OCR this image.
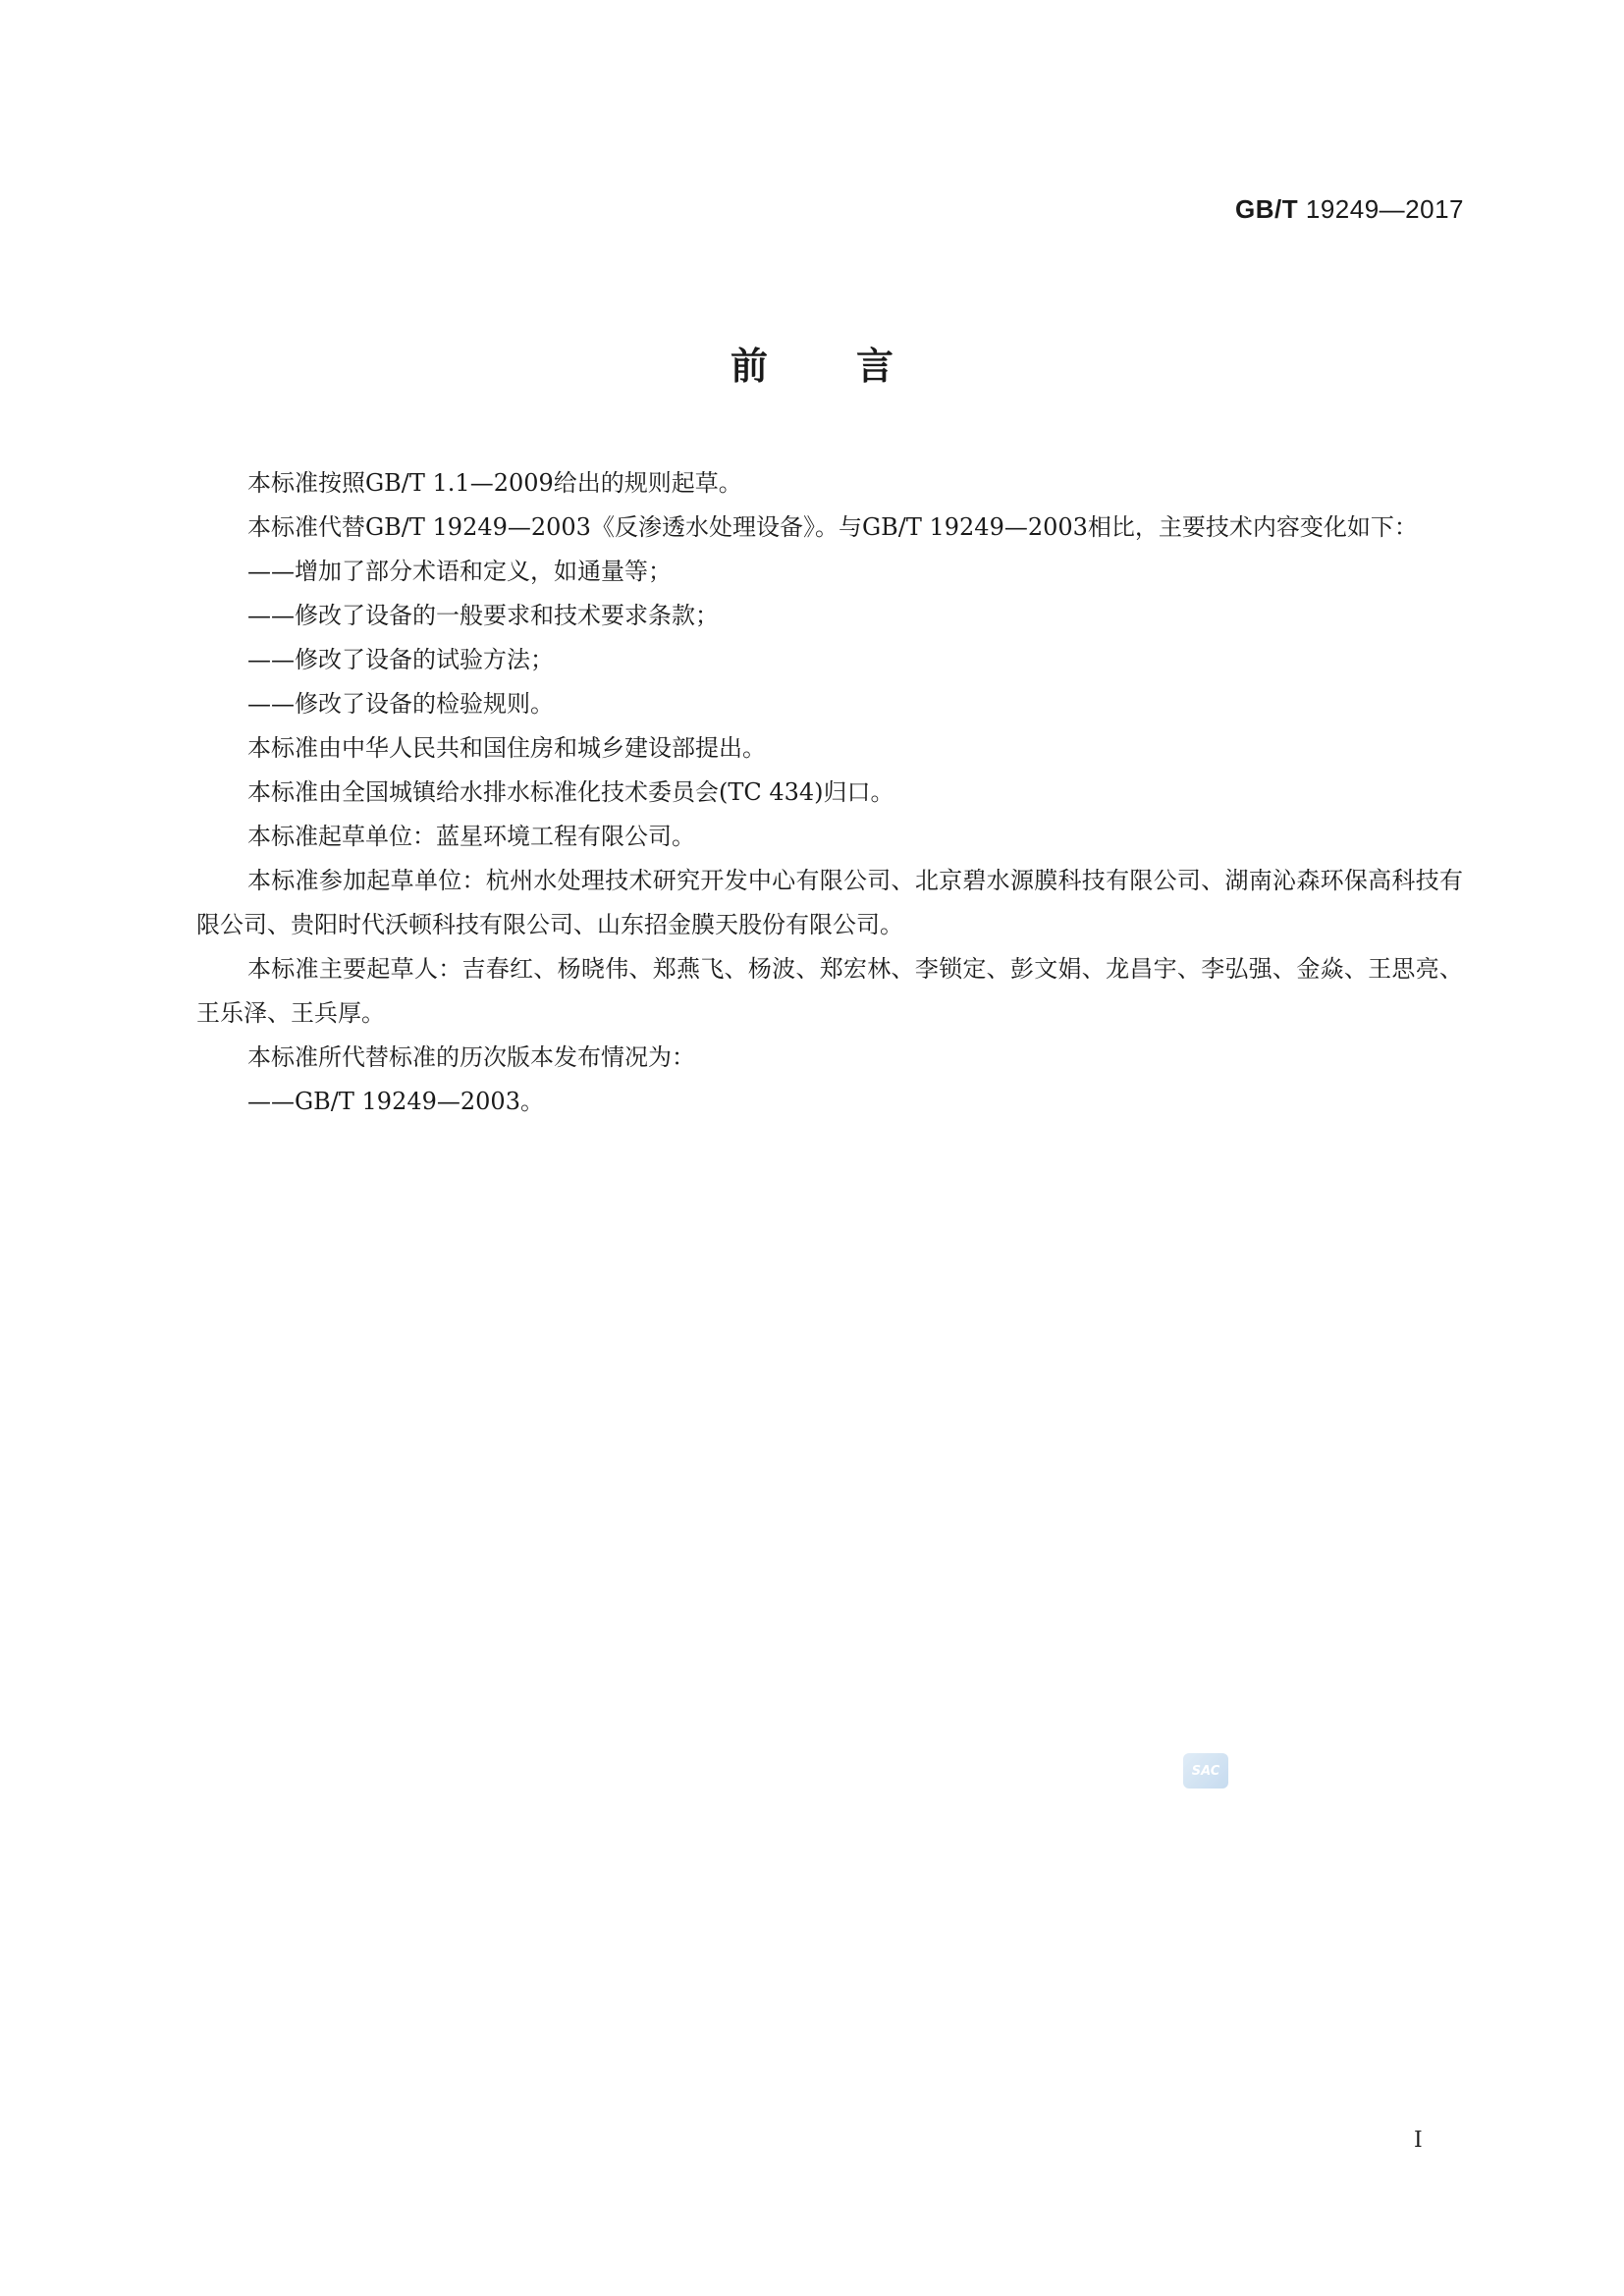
GB/T 19249—2017
前言

本标准按照GB/T 1.1—2009给出的规则起草。

本标准代替GB/T 19249—2003《反渗透水处理设备》。与GB/T 19249—2003相比，主要技术内容变化如下：

——增加了部分术语和定义，如通量等；

——修改了设备的一般要求和技术要求条款；

——修改了设备的试验方法；

——修改了设备的检验规则。

本标准由中华人民共和国住房和城乡建设部提出。

本标准由全国城镇给水排水标准化技术委员会(TC 434)归口。

本标准起草单位：蓝星环境工程有限公司。

本标准参加起草单位：杭州水处理技术研究开发中心有限公司、北京碧水源膜科技有限公司、湖南沁森环保高科技有限公司、贵阳时代沃顿科技有限公司、山东招金膜天股份有限公司。

本标准主要起草人：吉春红、杨晓伟、郑燕飞、杨波、郑宏林、李锁定、彭文娟、龙昌宇、李弘强、金焱、王思亮、王乐泽、王兵厚。

本标准所代替标准的历次版本发布情况为：

——GB/T 19249—2003。

SAC
I
